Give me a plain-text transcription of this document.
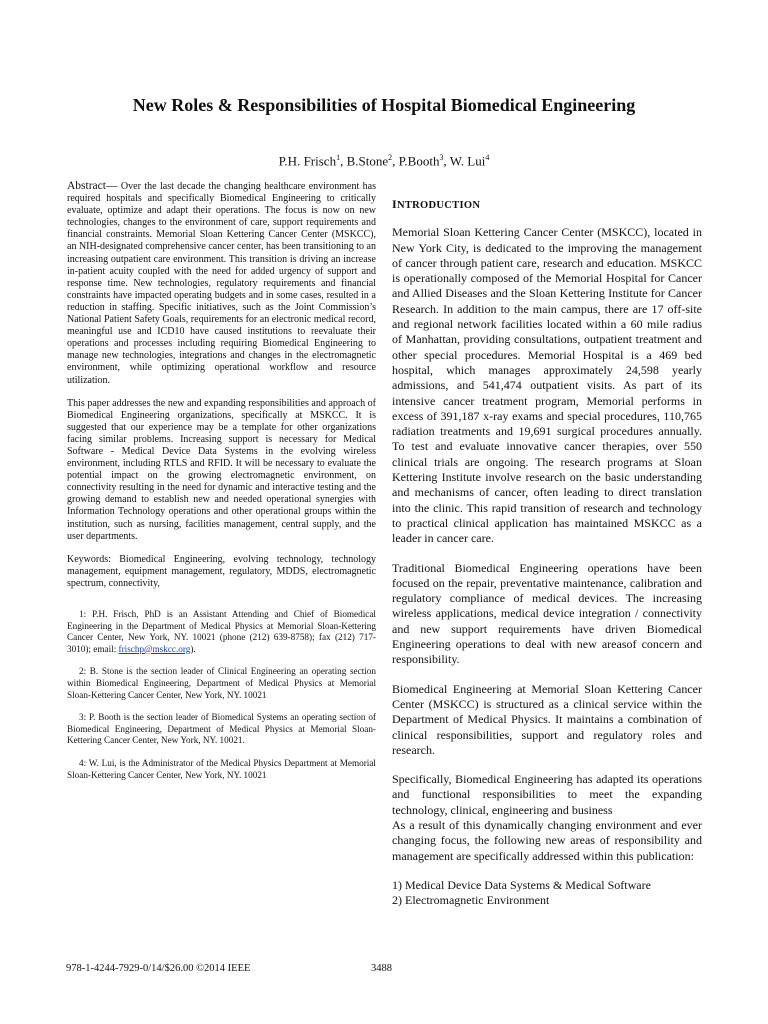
New Roles & Responsibilities of Hospital Biomedical Engineering
P.H. Frisch$^1$, B.Stone$^2$, P.Booth$^3$, W. Lui$^4$

Abstract— Over the last decade the changing healthcare environment has required hospitals and specifically Biomedical Engineering to critically evaluate, optimize and adapt their operations. The focus is now on new technologies, changes to the environment of care, support requirements and financial constraints. Memorial Sloan Kettering Cancer Center (MSKCC), an NIH-designated comprehensive cancer center, has been transitioning to an increasing outpatient care environment. This transition is driving an increase in-patient acuity coupled with the need for added urgency of support and response time. New technologies, regulatory requirements and financial constraints have impacted operating budgets and in some cases, resulted in a reduction in staffing. Specific initiatives, such as the Joint Commission’s National Patient Safety Goals, requirements for an electronic medical record, meaningful use and ICD10 have caused institutions to reevaluate their operations and processes including requiring Biomedical Engineering to manage new technologies, integrations and changes in the electromagnetic environment, while optimizing operational workflow and resource utilization.

This paper addresses the new and expanding responsibilities and approach of Biomedical Engineering organizations, specifically at MSKCC. It is suggested that our experience may be a template for other organizations facing similar problems. Increasing support is necessary for Medical Software - Medical Device Data Systems in the evolving wireless environment, including RTLS and RFID. It will be necessary to evaluate the potential impact on the growing electromagnetic environment, on connectivity resulting in the need for dynamic and interactive testing and the growing demand to establish new and needed operational synergies with Information Technology operations and other operational groups within the institution, such as nursing, facilities management, central supply, and the user departments.

Keywords: Biomedical Engineering, evolving technology, technology management, equipment management, regulatory, MDDS, electromagnetic spectrum, connectivity,

1: P.H. Frisch, PhD is an Assistant Attending and Chief of Biomedical Engineering in the Department of Medical Physics at Memorial Sloan-Kettering Cancer Center, New York, NY. 10021 (phone (212) 639-8758); fax (212) 717-3010); email: frischp@mskcc.org).

2: B. Stone is the section leader of Clinical Engineering an operating section within Biomedical Engineering, Department of Medical Physics at Memorial Sloan-Kettering Cancer Center, New York, NY. 10021

3: P. Booth is the section leader of Biomedical Systems an operating section of Biomedical Engineering, Department of Medical Physics at Memorial Sloan-Kettering Cancer Center, New York, NY. 10021.

4: W. Lui, is the Administrator of the Medical Physics Department at Memorial Sloan-Kettering Cancer Center, New York, NY. 10021

INTRODUCTION

Memorial Sloan Kettering Cancer Center (MSKCC), located in New York City, is dedicated to the improving the management of cancer through patient care, research and education. MSKCC is operationally composed of the Memorial Hospital for Cancer and Allied Diseases and the Sloan Kettering Institute for Cancer Research. In addition to the main campus, there are 17 off-site and regional network facilities located within a 60 mile radius of Manhattan, providing consultations, outpatient treatment and other special procedures. Memorial Hospital is a 469 bed hospital, which manages approximately 24,598 yearly admissions, and 541,474 outpatient visits. As part of its intensive cancer treatment program, Memorial performs in excess of 391,187 x-ray exams and special procedures, 110,765 radiation treatments and 19,691 surgical procedures annually. To test and evaluate innovative cancer therapies, over 550 clinical trials are ongoing. The research programs at Sloan Kettering Institute involve research on the basic understanding and mechanisms of cancer, often leading to direct translation into the clinic. This rapid transition of research and technology to practical clinical application has maintained MSKCC as a leader in cancer care.

Traditional Biomedical Engineering operations have been focused on the repair, preventative maintenance, calibration and regulatory compliance of medical devices. The increasing wireless applications, medical device integration / connectivity and new support requirements have driven Biomedical Engineering operations to deal with new areasof concern and responsibility.

Biomedical Engineering at Memorial Sloan Kettering Cancer Center (MSKCC) is structured as a clinical service within the Department of Medical Physics. It maintains a combination of clinical responsibilities, support and regulatory roles and research.

Specifically, Biomedical Engineering has adapted its operations and functional responsibilities to meet the expanding technology, clinical, engineering and business

As a result of this dynamically changing environment and ever changing focus, the following new areas of responsibility and management are specifically addressed within this publication:

1) Medical Device Data Systems & Medical Software
2) Electromagnetic Environment
978-1-4244-7929-0/14/$26.00 ©2014 IEEE	3488
